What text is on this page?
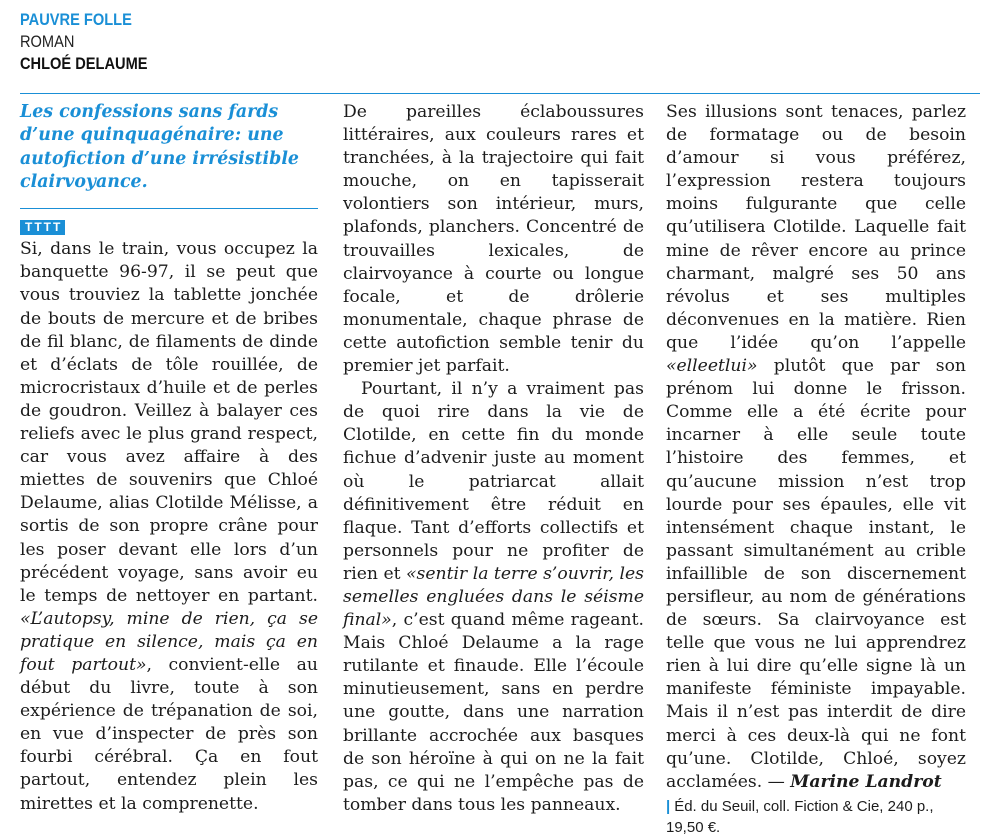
PAUVRE FOLLE
ROMAN
CHLOÉ DELAUME

Les confessions sans fards d’une quinquagénaire: une autofiction d’une irrésistible clairvoyance.

TTTT

Si, dans le train, vous occupez la banquette 96-97, il se peut que vous trouviez la tablette jonchée de bouts de mercure et de bribes de fil blanc, de filaments de dinde et d’éclats de tôle rouillée, de microcristaux d’huile et de perles de goudron. Veillez à balayer ces reliefs avec le plus grand respect, car vous avez affaire à des miettes de souvenirs que Chloé Delaume, alias Clotilde Mélisse, a sortis de son propre crâne pour les poser devant elle lors d’un précédent voyage, sans avoir eu le temps de nettoyer en partant. «L’autopsy, mine de rien, ça se pratique en silence, mais ça en fout partout», convient-elle au début du livre, toute à son expérience de trépanation de soi, en vue d’inspecter de près son fourbi cérébral. Ça en fout partout, entendez plein les mirettes et la comprenette.

De pareilles éclaboussures littéraires, aux couleurs rares et tranchées, à la trajectoire qui fait mouche, on en tapisserait volontiers son intérieur, murs, plafonds, planchers. Concentré de trouvailles lexicales, de clairvoyance à courte ou longue focale, et de drôlerie monumentale, chaque phrase de cette autofiction semble tenir du premier jet parfait.

Pourtant, il n’y a vraiment pas de quoi rire dans la vie de Clotilde, en cette fin du monde fichue d’advenir juste au moment où le patriarcat allait définitivement être réduit en flaque. Tant d’efforts collectifs et personnels pour ne profiter de rien et «sentir la terre s’ouvrir, les semelles engluées dans le séisme final», c’est quand même rageant. Mais Chloé Delaume a la rage rutilante et finaude. Elle l’écoule minutieusement, sans en perdre une goutte, dans une narration brillante accrochée aux basques de son héroïne à qui on ne la fait pas, ce qui ne l’empêche pas de tomber dans tous les panneaux.

Ses illusions sont tenaces, parlez de formatage ou de besoin d’amour si vous préférez, l’expression restera toujours moins fulgurante que celle qu’utilisera Clotilde. Laquelle fait mine de rêver encore au prince charmant, malgré ses 50 ans révolus et ses multiples déconvenues en la matière. Rien que l’idée qu’on l’appelle «elleetlui» plutôt que par son prénom lui donne le frisson. Comme elle a été écrite pour incarner à elle seule toute l’histoire des femmes, et qu’aucune mission n’est trop lourde pour ses épaules, elle vit intensément chaque instant, le passant simultanément au crible infaillible de son discernement persifleur, au nom de générations de sœurs. Sa clairvoyance est telle que vous ne lui apprendrez rien à lui dire qu’elle signe là un manifeste féministe impayable. Mais il n’est pas interdit de dire merci à ces deux-là qui ne font qu’une. Clotilde, Chloé, soyez acclamées. — Marine Landrot

| Éd. du Seuil, coll. Fiction & Cie, 240 p., 19,50 €.
